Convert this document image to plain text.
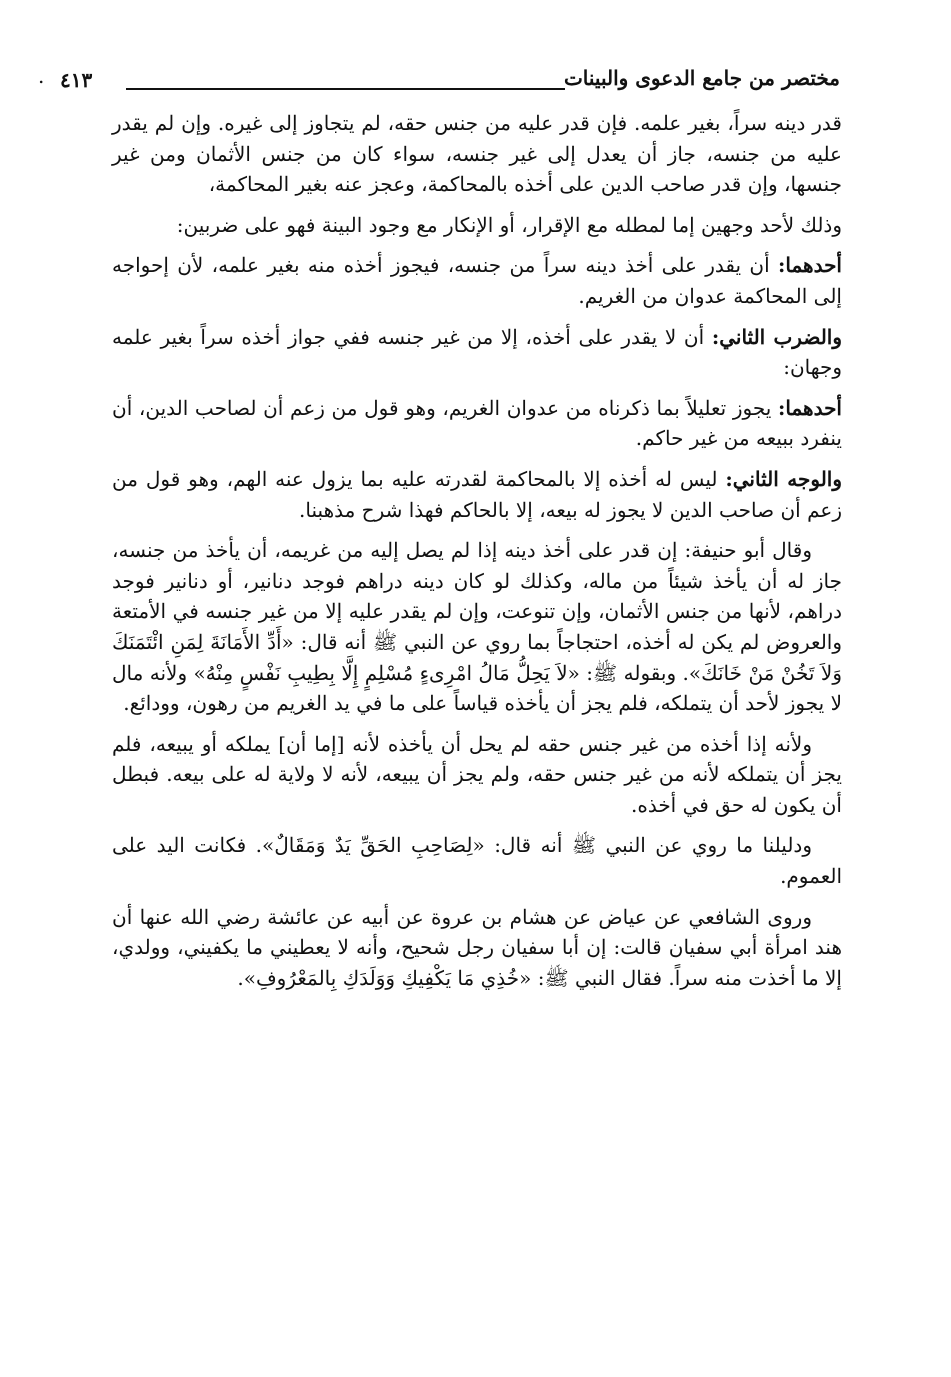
مختصر من جامع الدعوى والبينات
٤١٣
.

قدر دينه سراً، بغير علمه. فإن قدر عليه من جنس حقه، لم يتجاوز إلى غيره. وإن لم يقدر عليه من جنسه، جاز أن يعدل إلى غير جنسه، سواء كان من جنس الأثمان ومن غير جنسها، وإن قدر صاحب الدين على أخذه بالمحاكمة، وعجز عنه بغير المحاكمة،

وذلك لأحد وجهين إما لمطله مع الإقرار، أو الإنكار مع وجود البينة فهو على ضربين:

أحدهما: أن يقدر على أخذ دينه سراً من جنسه، فيجوز أخذه منه بغير علمه، لأن إحواجه إلى المحاكمة عدوان من الغريم.

والضرب الثاني: أن لا يقدر على أخذه، إلا من غير جنسه ففي جواز أخذه سراً بغير علمه وجهان:

أحدهما: يجوز تعليلاً بما ذكرناه من عدوان الغريم، وهو قول من زعم أن لصاحب الدين، أن ينفرد ببيعه من غير حاكم.

والوجه الثاني: ليس له أخذه إلا بالمحاكمة لقدرته عليه بما يزول عنه الهم، وهو قول من زعم أن صاحب الدين لا يجوز له بيعه، إلا بالحاكم فهذا شرح مذهبنا.

وقال أبو حنيفة: إن قدر على أخذ دينه إذا لم يصل إليه من غريمه، أن يأخذ من جنسه، جاز له أن يأخذ شيئاً من ماله، وكذلك لو كان دينه دراهم فوجد دنانير، أو دنانير فوجد دراهم، لأنها من جنس الأثمان، وإن تنوعت، وإن لم يقدر عليه إلا من غير جنسه في الأمتعة والعروض لم يكن له أخذه، احتجاجاً بما روي عن النبي ﷺ أنه قال: «أَدِّ الأَمَانَةَ لِمَنِ ائْتَمَنَكَ وَلاَ تَخُنْ مَنْ خَانَكَ». وبقوله ﷺ: «لاَ يَحِلُّ مَالُ امْرِىءٍ مُسْلِمٍ إِلَّا بِطِيبِ نَفْسٍ مِنْهُ» ولأنه مال لا يجوز لأحد أن يتملكه، فلم يجز أن يأخذه قياساً على ما في يد الغريم من رهون، وودائع.

ولأنه إذا أخذه من غير جنس حقه لم يحل أن يأخذه لأنه [إما أن] يملكه أو يبيعه، فلم يجز أن يتملكه لأنه من غير جنس حقه، ولم يجز أن يبيعه، لأنه لا ولاية له على بيعه. فبطل أن يكون له حق في أخذه.

ودليلنا ما روي عن النبي ﷺ أنه قال: «لِصَاحِبِ الحَقِّ يَدٌ وَمَقَالٌ». فكانت اليد على العموم.

وروى الشافعي عن عياض عن هشام بن عروة عن أبيه عن عائشة رضي الله عنها أن هند امرأة أبي سفيان قالت: إن أبا سفيان رجل شحيح، وأنه لا يعطيني ما يكفيني، وولدي، إلا ما أخذت منه سراً. فقال النبي ﷺ: «خُذِي مَا يَكْفِيكِ وَوَلَدَكِ بِالمَعْرُوفِ».
